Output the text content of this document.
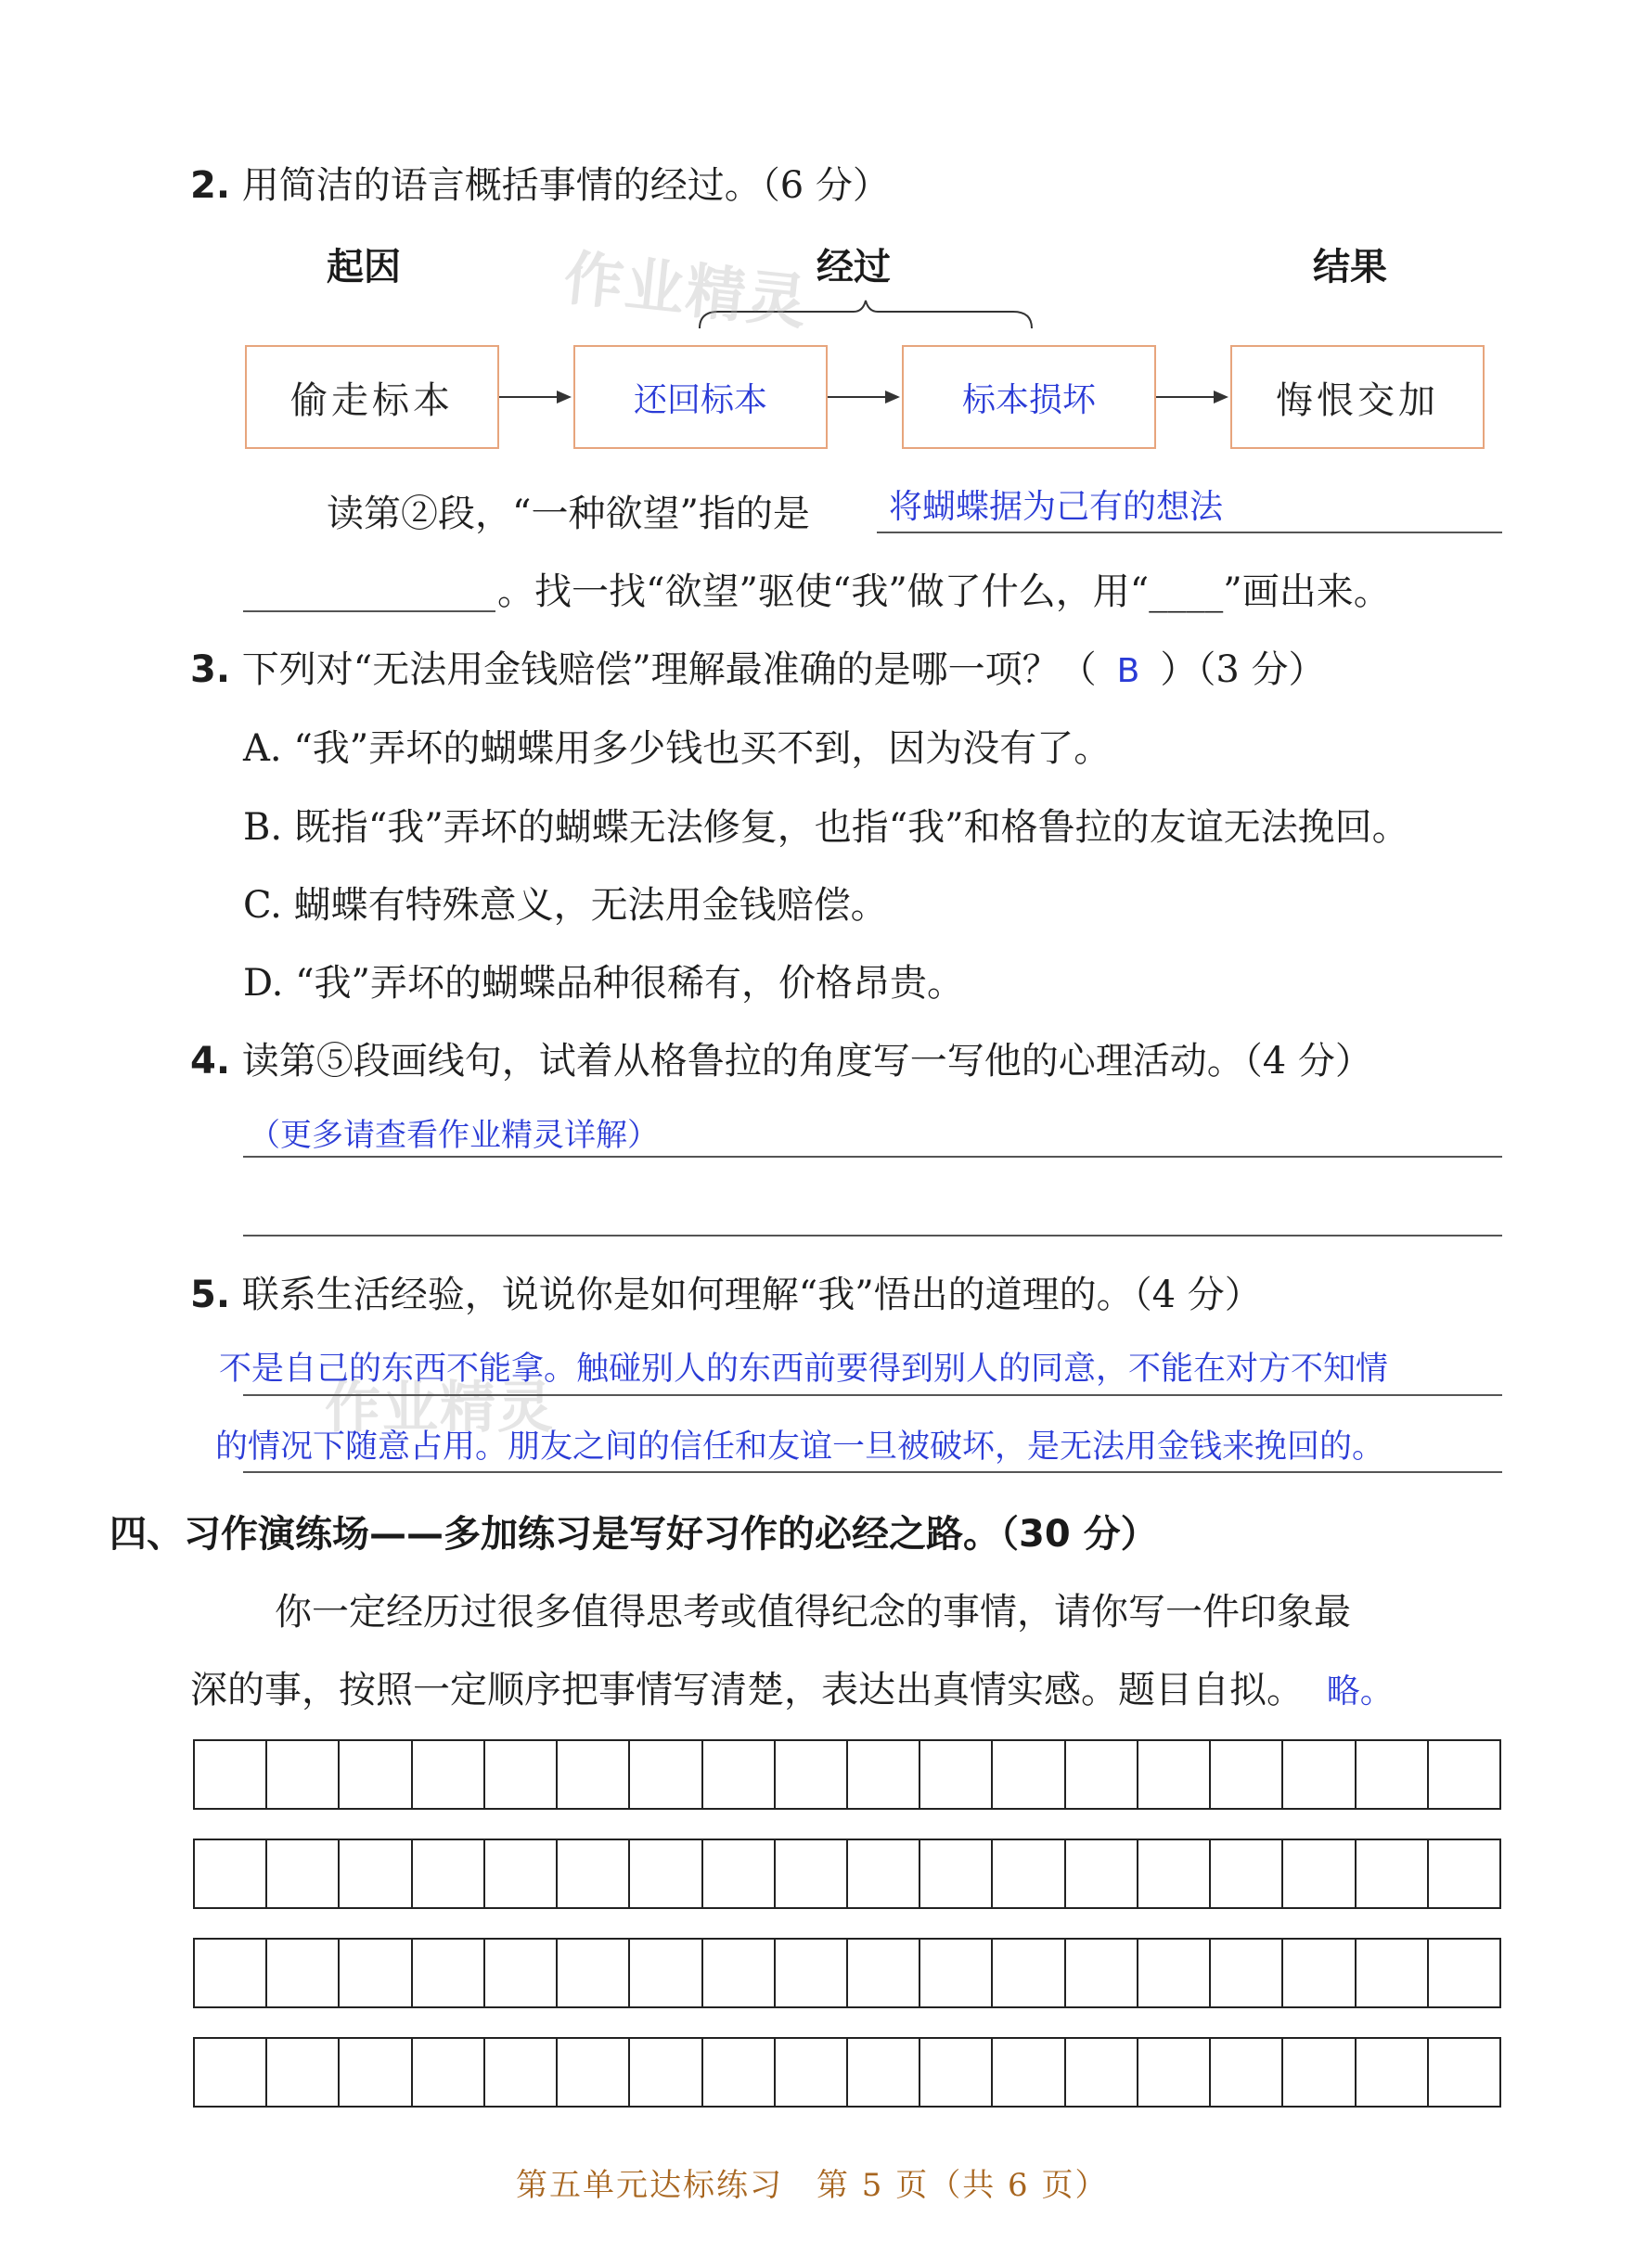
2. 用简洁的语言概括事情的经过。（6 分）
起因	经过	结果
作业精灵
偷走标本	还回标本	标本损坏	悔恨交加
读第②段，“一种欲望”指的是 将蝴蝶据为己有的想法
。找一找“欲望”驱使“我”做了什么，用“____”画出来。
3. 下列对“无法用金钱赔偿”理解最准确的是哪一项？（ B ）（3 分）
A. “我”弄坏的蝴蝶用多少钱也买不到，因为没有了。
B. 既指“我”弄坏的蝴蝶无法修复，也指“我”和格鲁拉的友谊无法挽回。
C. 蝴蝶有特殊意义，无法用金钱赔偿。
D. “我”弄坏的蝴蝶品种很稀有，价格昂贵。
4. 读第⑤段画线句，试着从格鲁拉的角度写一写他的心理活动。（4 分）
（更多请查看作业精灵详解）
5. 联系生活经验，说说你是如何理解“我”悟出的道理的。（4 分）
作业精灵
不是自己的东西不能拿。触碰别人的东西前要得到别人的同意，不能在对方不知情
的情况下随意占用。朋友之间的信任和友谊一旦被破坏，是无法用金钱来挽回的。
四、习作演练场——多加练习是写好习作的必经之路。（30 分）
你一定经历过很多值得思考或值得纪念的事情，请你写一件印象最
深的事，按照一定顺序把事情写清楚，表达出真情实感。题目自拟。 略。
第五单元达标练习　第 5 页（共 6 页）
